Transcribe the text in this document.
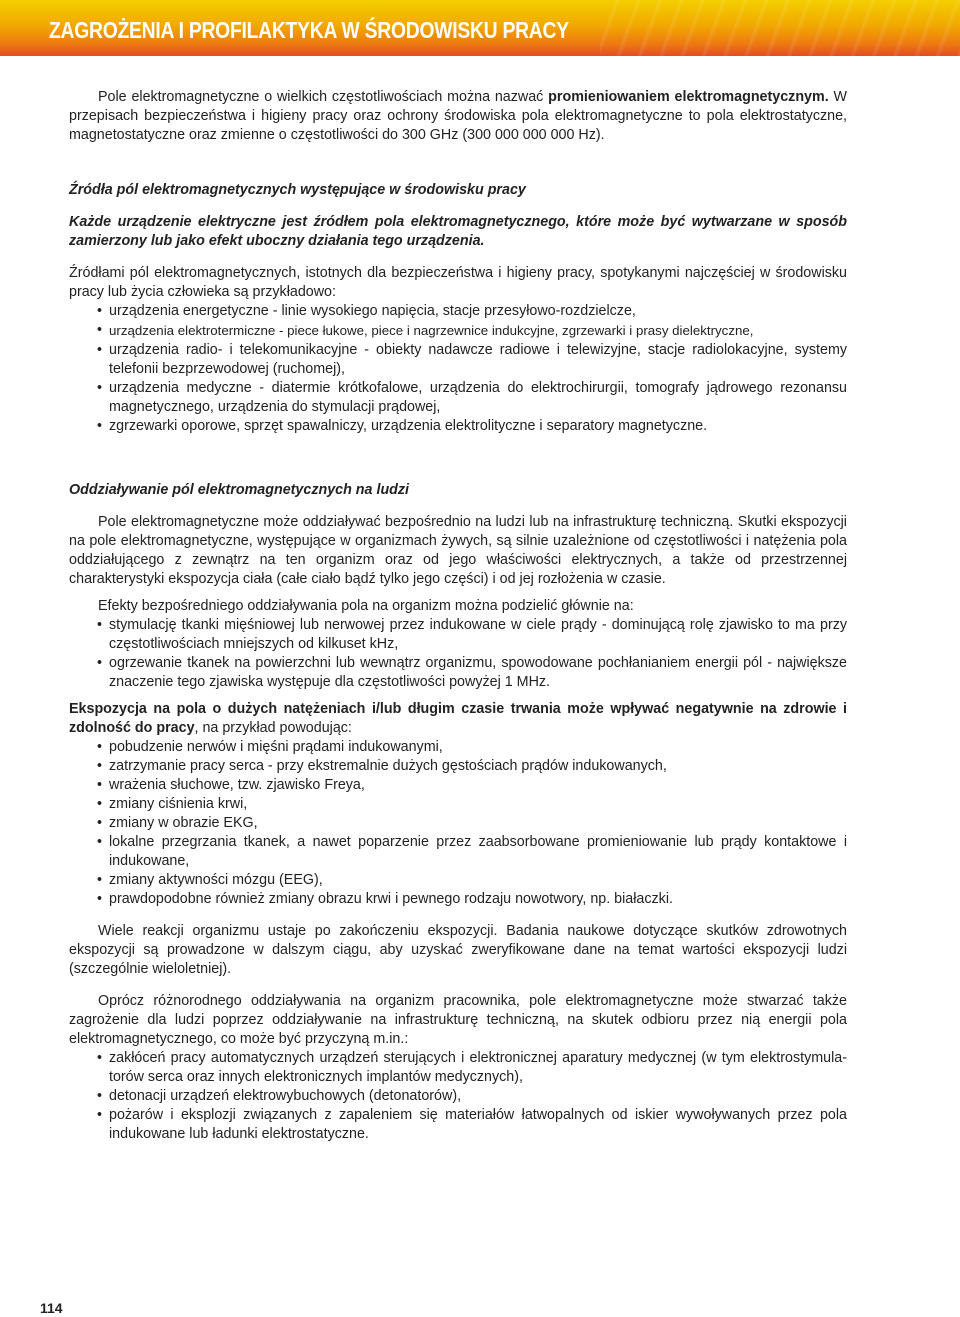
ZAGROŻENIA I PROFILAKTYKA W ŚRODOWISKU PRACY

Pole elektromagnetyczne o wielkich częstotliwościach można nazwać promieniowaniem elektromagnetycznym. W przepisach bezpieczeństwa i higieny pracy oraz ochrony środowiska pola elektromagnetyczne to pola elektrostatyczne, magnetostatyczne oraz zmienne o częstotliwości do 300 GHz (300 000 000 000 Hz).

Źródła pól elektromagnetycznych występujące w środowisku pracy

Każde urządzenie elektryczne jest źródłem pola elektromagnetycznego, które może być wytwarzane w sposób zamierzony lub jako efekt uboczny działania tego urządzenia.

Źródłami pól elektromagnetycznych, istotnych dla bezpieczeństwa i higieny pracy, spotykanymi najczęściej w środowisku pracy lub życia człowieka są przykładowo:

• urządzenia energetyczne - linie wysokiego napięcia, stacje przesyłowo-rozdzielcze,
• urządzenia elektrotermiczne - piece łukowe, piece i nagrzewnice indukcyjne, zgrzewarki i prasy dielektryczne,
• urządzenia radio- i telekomunikacyjne - obiekty nadawcze radiowe i telewizyjne, stacje radiolokacyjne, systemy telefonii bezprzewodowej (ruchomej),
• urządzenia medyczne - diatermie krótkofalowe, urządzenia do elektrochirurgii, tomografy jądrowego rezonansu magnetycznego, urządzenia do stymulacji prądowej,
• zgrzewarki oporowe, sprzęt spawalniczy, urządzenia elektrolityczne i separatory magnetyczne.
Oddziaływanie pól elektromagnetycznych na ludzi

Pole elektromagnetyczne może oddziaływać bezpośrednio na ludzi lub na infrastrukturę techniczną. Skutki ekspozycji na pole elektromagnetyczne, występujące w organizmach żywych, są silnie uzależnione od częstotliwości i natężenia pola oddziałującego z zewnątrz na ten organizm oraz od jego właściwości elektrycznych, a także od przestrzennej charakterystyki ekspozycja ciała (całe ciało bądź tylko jego części) i od jej rozłożenia w czasie.

Efekty bezpośredniego oddziaływania pola na organizm można podzielić głównie na:

• stymulację tkanki mięśniowej lub nerwowej przez indukowane w ciele prądy - dominującą rolę zjawisko to ma przy częstotliwościach mniejszych od kilkuset kHz,
• ogrzewanie tkanek na powierzchni lub wewnątrz organizmu, spowodowane pochłanianiem energii pól - największe znaczenie tego zjawiska występuje dla częstotliwości powyżej 1 MHz.

Ekspozycja na pola o dużych natężeniach i/lub długim czasie trwania może wpływać negatywnie na zdrowie i zdolność do pracy, na przykład powodując:

• pobudzenie nerwów i mięśni prądami indukowanymi,
• zatrzymanie pracy serca - przy ekstremalnie dużych gęstościach prądów indukowanych,
• wrażenia słuchowe, tzw. zjawisko Freya,
• zmiany ciśnienia krwi,
• zmiany w obrazie EKG,
• lokalne przegrzania tkanek, a nawet poparzenie przez zaabsorbowane promieniowanie lub prądy kontaktowe i indukowane,
• zmiany aktywności mózgu (EEG),
• prawdopodobne również zmiany obrazu krwi i pewnego rodzaju nowotwory, np. białaczki.

Wiele reakcji organizmu ustaje po zakończeniu ekspozycji. Badania naukowe dotyczące skutków zdrowotnych ekspozycji są prowadzone w dalszym ciągu, aby uzyskać zweryfikowane dane na temat wartości ekspozycji ludzi (szczególnie wieloletniej).

Oprócz różnorodnego oddziaływania na organizm pracownika, pole elektromagnetyczne może stwarzać także zagrożenie dla ludzi poprzez oddziaływanie na infrastrukturę techniczną, na skutek odbioru przez nią energii pola elektromagnetycznego, co może być przyczyną m.in.:

• zakłóceń pracy automatycznych urządzeń sterujących i elektronicznej aparatury medycznej (w tym elektrostymula-torów serca oraz innych elektronicznych implantów medycznych),
• detonacji urządzeń elektrowybuchowych (detonatorów),
• pożarów i eksplozji związanych z zapaleniem się materiałów łatwopalnych od iskier wywoływanych przez pola indukowane lub ładunki elektrostatyczne.
114
